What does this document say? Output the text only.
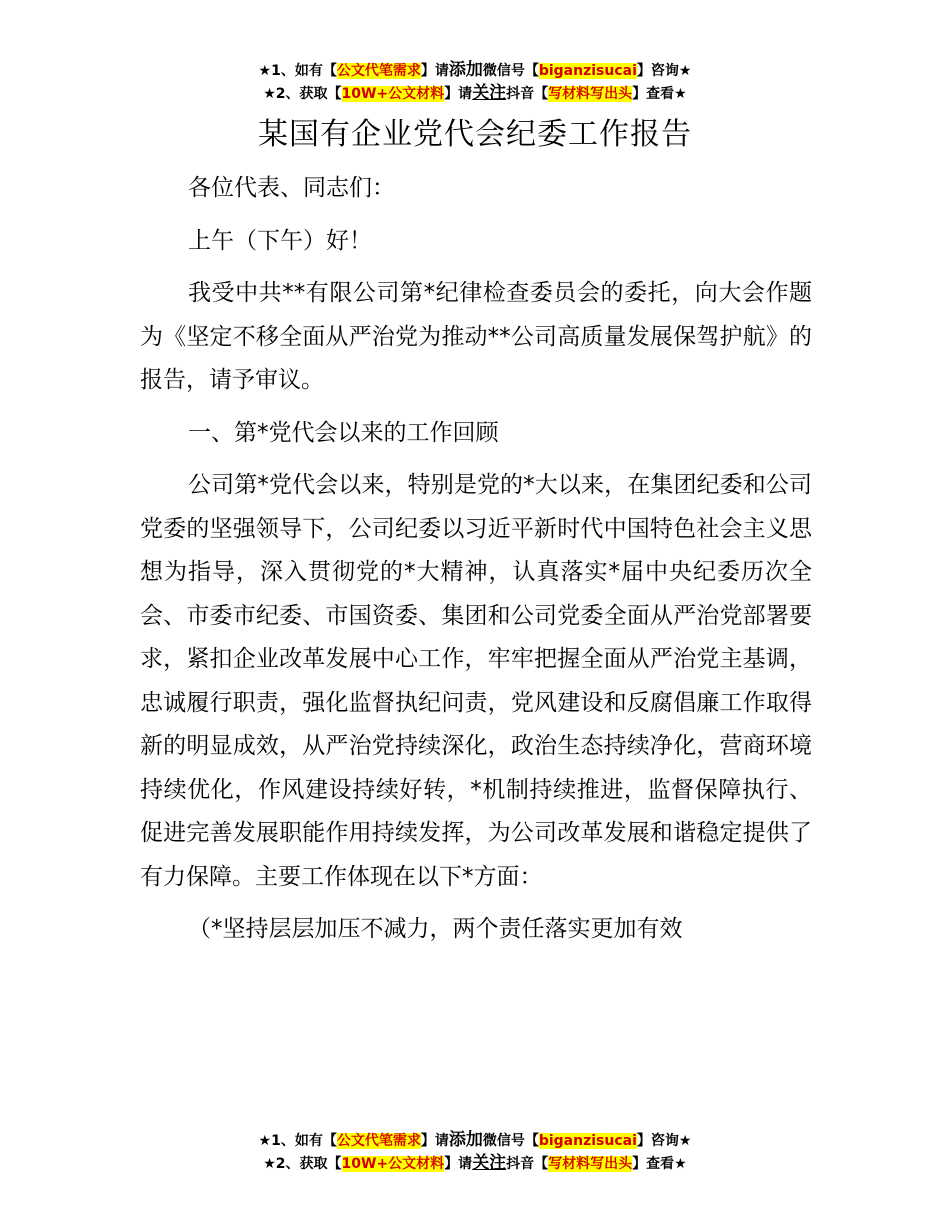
★1、如有【公文代笔需求】请添加微信号【biganzisucai】咨询★
★2、获取【10W+公文材料】请关注抖音【写材料写出头】查看★
某国有企业党代会纪委工作报告

各位代表、同志们：

上午（下午）好！

我受中共**有限公司第*纪律检查委员会的委托，向大会作题为《坚定不移全面从严治党为推动**公司高质量发展保驾护航》的报告，请予审议。

一、第*党代会以来的工作回顾

公司第*党代会以来，特别是党的*大以来，在集团纪委和公司党委的坚强领导下，公司纪委以习近平新时代中国特色社会主义思想为指导，深入贯彻党的*大精神，认真落实*届中央纪委历次全会、市委市纪委、市国资委、集团和公司党委全面从严治党部署要求，紧扣企业改革发展中心工作，牢牢把握全面从严治党主基调，忠诚履行职责，强化监督执纪问责，党风建设和反腐倡廉工作取得新的明显成效，从严治党持续深化，政治生态持续净化，营商环境持续优化，作风建设持续好转，*机制持续推进，监督保障执行、促进完善发展职能作用持续发挥，为公司改革发展和谐稳定提供了有力保障。主要工作体现在以下*方面：

（*坚持层层加压不减力，两个责任落实更加有效

★1、如有【公文代笔需求】请添加微信号【biganzisucai】咨询★
★2、获取【10W+公文材料】请关注抖音【写材料写出头】查看★
